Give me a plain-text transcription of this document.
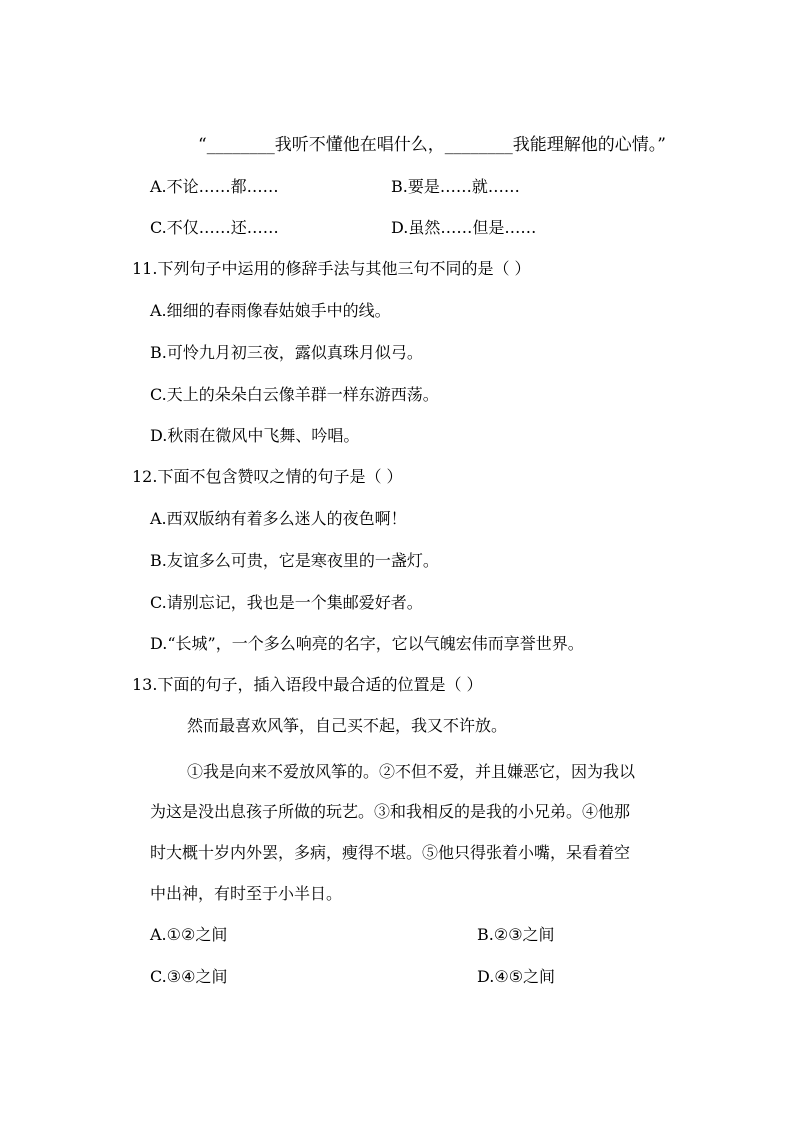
“________我听不懂他在唱什么，________我能理解他的心情。”
A.不论……都……	B.要是……就……
C.不仅……还……	D.虽然……但是……
11.下列句子中运用的修辞手法与其他三句不同的是（ ）
A.细细的春雨像春姑娘手中的线。
B.可怜九月初三夜，露似真珠月似弓。
C.天上的朵朵白云像羊群一样东游西荡。
D.秋雨在微风中飞舞、吟唱。
12.下面不包含赞叹之情的句子是（ ）
A.西双版纳有着多么迷人的夜色啊！
B.友谊多么可贵，它是寒夜里的一盏灯。
C.请别忘记，我也是一个集邮爱好者。
D.“长城”，一个多么响亮的名字，它以气魄宏伟而享誉世界。
13.下面的句子，插入语段中最合适的位置是（ ）
然而最喜欢风筝，自己买不起，我又不许放。
①我是向来不爱放风筝的。②不但不爱，并且嫌恶它，因为我以
为这是没出息孩子所做的玩艺。③和我相反的是我的小兄弟。④他那
时大概十岁内外罢，多病，瘦得不堪。⑤他只得张着小嘴，呆看着空
中出神，有时至于小半日。
A.①②之间	B.②③之间
C.③④之间	D.④⑤之间
